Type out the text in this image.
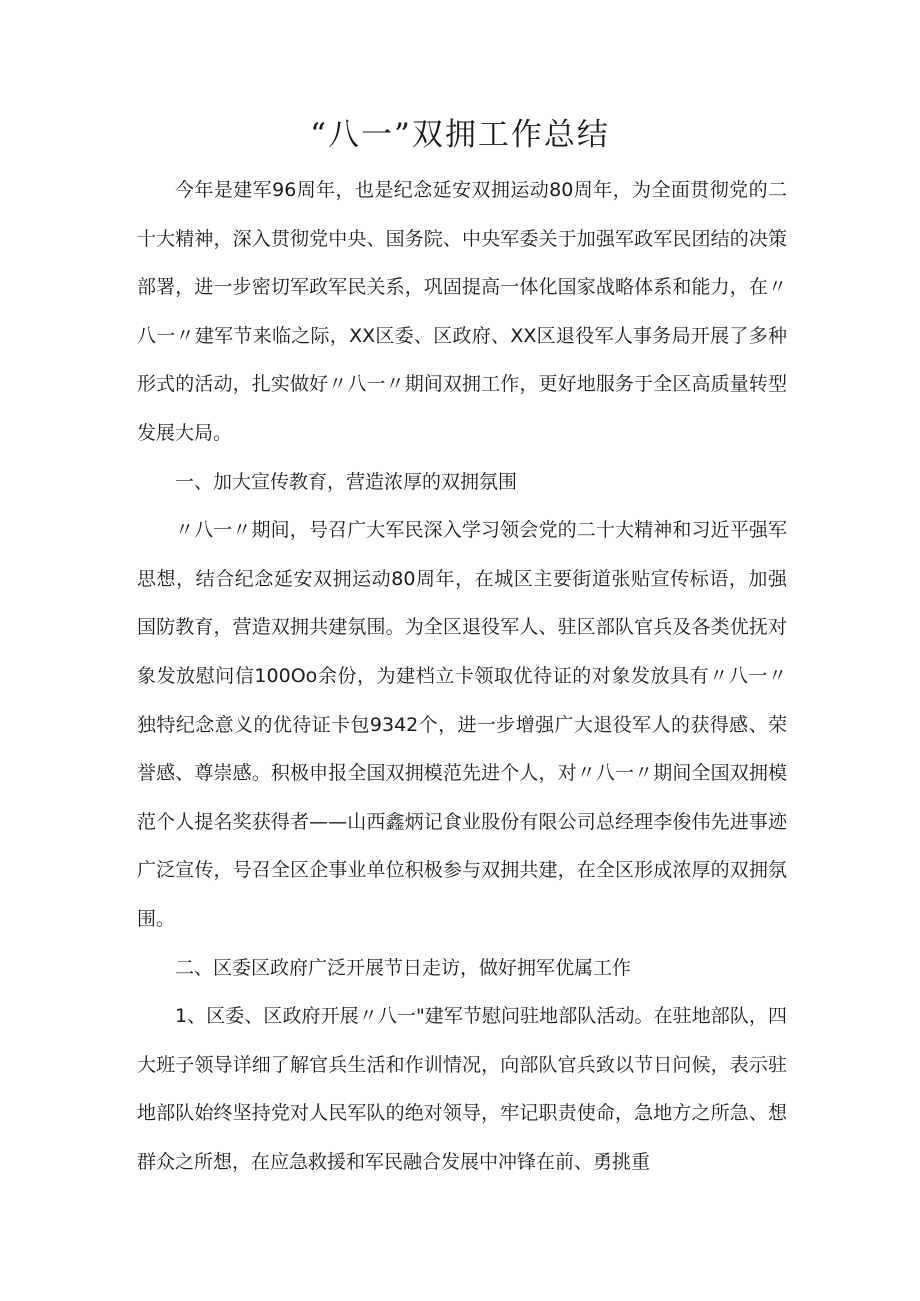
“八一”双拥工作总结

今年是建军96周年，也是纪念延安双拥运动80周年，为全面贯彻党的二十大精神，深入贯彻党中央、国务院、中央军委关于加强军政军民团结的决策部署，进一步密切军政军民关系，巩固提高一体化国家战略体系和能力，在〃八一〃建军节来临之际，XX区委、区政府、XX区退役军人事务局开展了多种形式的活动，扎实做好〃八一〃期间双拥工作，更好地服务于全区高质量转型发展大局。

一、加大宣传教育，营造浓厚的双拥氛围

〃八一〃期间，号召广大军民深入学习领会党的二十大精神和习近平强军思想，结合纪念延安双拥运动80周年，在城区主要街道张贴宣传标语，加强国防教育，营造双拥共建氛围。为全区退役军人、驻区部队官兵及各类优抚对象发放慰问信100Oo余份，为建档立卡领取优待证的对象发放具有〃八一〃独特纪念意义的优待证卡包9342个，进一步增强广大退役军人的获得感、荣誉感、尊崇感。积极申报全国双拥模范先进个人，对〃八一〃期间全国双拥模范个人提名奖获得者——山西鑫炳记食业股份有限公司总经理李俊伟先进事迹广泛宣传，号召全区企事业单位积极参与双拥共建，在全区形成浓厚的双拥氛围。

二、区委区政府广泛开展节日走访，做好拥军优属工作

1、区委、区政府开展〃八一"建军节慰问驻地部队活动。在驻地部队，四大班子领导详细了解官兵生活和作训情况，向部队官兵致以节日问候，表示驻地部队始终坚持党对人民军队的绝对领导，牢记职责使命，急地方之所急、想群众之所想，在应急救援和军民融合发展中冲锋在前、勇挑重
